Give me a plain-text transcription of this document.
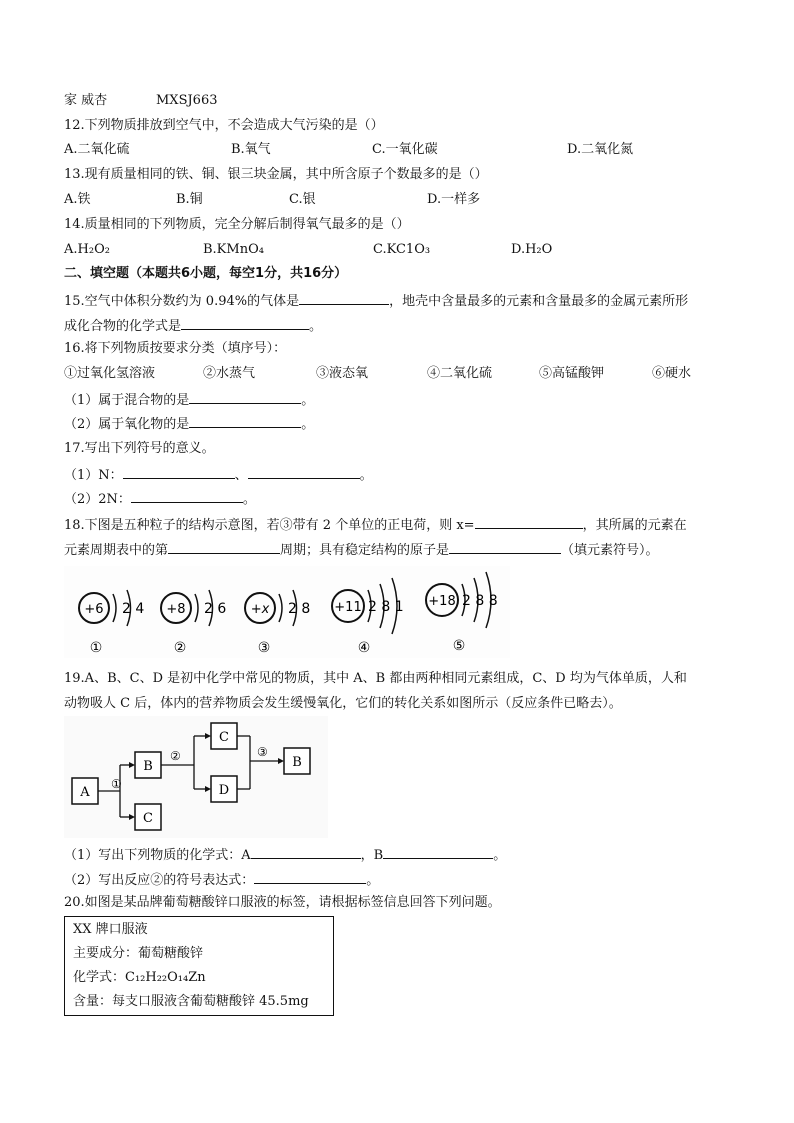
家 威杏	MXSJ663
12.下列物质排放到空气中，不会造成大气污染的是（）
A.二氧化硫	B.氧气	C.一氧化碳	D.二氧化氮
13.现有质量相同的铁、铜、银三块金属，其中所含原子个数最多的是（）
A.铁	B.铜	C.银	D.一样多
14.质量相同的下列物质，完全分解后制得氧气最多的是（）
A.H₂O₂	B.KMnO₄	C.KC1O₃	D.H₂O
二、填空题（本题共6小题，每空1分，共16分）
15.空气中体积分数约为 0.94%的气体是	，地壳中含量最多的元素和含量最多的金属元素所形
成化合物的化学式是	。
16.将下列物质按要求分类（填序号）：
①过氧化氢溶液	②水蒸气	③液态氧	④二氧化硫	⑤高锰酸钾	⑥硬水
（1）属于混合物的是	。
（2）属于氧化物的是	。
17.写出下列符号的意义。
（1）N：	、	。
（2）2N：	。
18.下图是五种粒子的结构示意图，若③带有 2 个单位的正电荷，则 x=	，其所属的元素在
元素周期表中的第	周期；具有稳定结构的原子是	（填元素符号）。
+6 2 4
①
+8 2 6
②
+x 2 8
③
+11 2 8 1
④
+18 2 8 8
⑤
19.A、B、C、D 是初中化学中常见的物质，其中 A、B 都由两种相同元素组成，C、D 均为气体单质，人和
动物吸人 C 后，体内的营养物质会发生缓慢氧化，它们的转化关系如图所示（反应条件已略去）。
A
B
C
C
D
B
①
②	③
（1）写出下列物质的化学式：A	，B	。
（2）写出反应②的符号表达式：	。
20.如图是某品牌葡萄糖酸锌口服液的标签，请根据标签信息回答下列问题。
XX 牌口服液
主要成分：葡萄糖酸锌
化学式：C₁₂H₂₂O₁₄Zn
含量：每支口服液含葡萄糖酸锌 45.5mg
